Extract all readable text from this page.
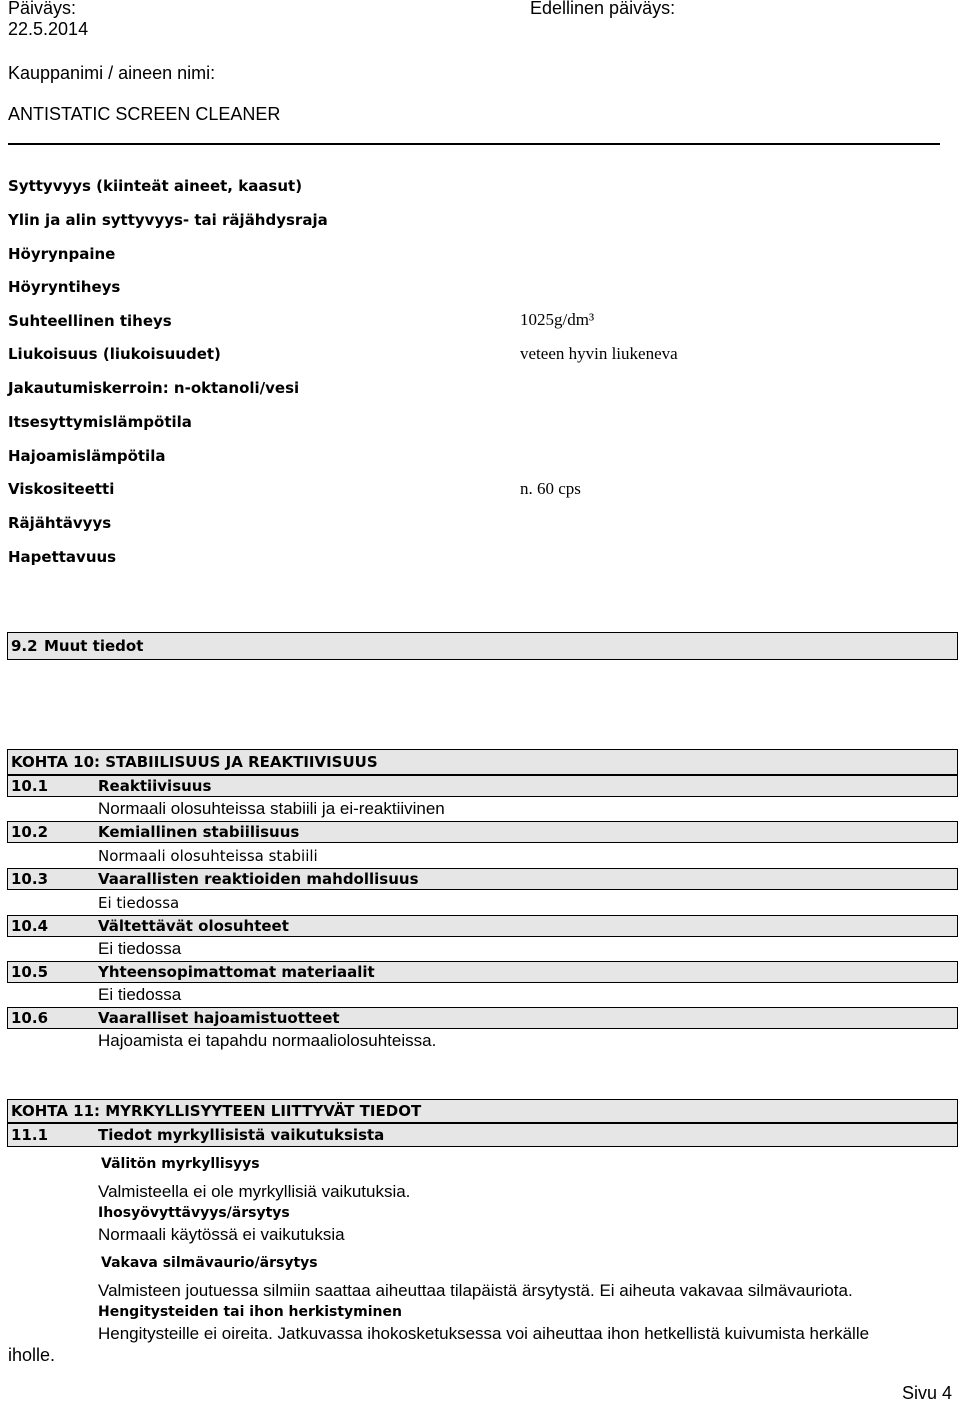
Päiväys:
22.5.2014
Edellinen päiväys:
Kauppanimi / aineen nimi:
ANTISTATIC SCREEN CLEANER
Syttyvyys (kiinteät aineet, kaasut)
Ylin ja alin syttyvyys- tai räjähdysraja
Höyrynpaine
Höyryntiheys
Suhteellinen tiheys	1025g/dm³
Liukoisuus (liukoisuudet)	veteen hyvin liukeneva
Jakautumiskerroin: n-oktanoli/vesi
Itsesyttymislämpötila
Hajoamislämpötila
Viskositeetti	n. 60 cps
Räjähtävyys
Hapettavuus
9.2 Muut tiedot
KOHTA 10: STABIILISUUS JA REAKTIIVISUUS
10.1	Reaktiivisuus
Normaali olosuhteissa stabiili ja ei-reaktiivinen
10.2	Kemiallinen stabiilisuus
Normaali olosuhteissa stabiili
10.3	Vaarallisten reaktioiden mahdollisuus
Ei tiedossa
10.4	Vältettävät olosuhteet
Ei tiedossa
10.5	Yhteensopimattomat materiaalit
Ei tiedossa
10.6	Vaaralliset hajoamistuotteet
Hajoamista ei tapahdu normaaliolosuhteissa.
KOHTA 11: MYRKYLLISYYTEEN LIITTYVÄT TIEDOT
11.1	Tiedot myrkyllisistä vaikutuksista
Välitön myrkyllisyys
Valmisteella ei ole myrkyllisiä vaikutuksia.
Ihosyövyttävyys/ärsytys
Normaali käytössä ei vaikutuksia
Vakava silmävaurio/ärsytys
Valmisteen joutuessa silmiin saattaa aiheuttaa tilapäistä ärsytystä. Ei aiheuta vakavaa silmävauriota.
Hengitysteiden tai ihon herkistyminen
Hengitysteille ei oireita. Jatkuvassa ihokosketuksessa voi aiheuttaa ihon hetkellistä kuivumista herkälle
iholle.
Sivu 4
